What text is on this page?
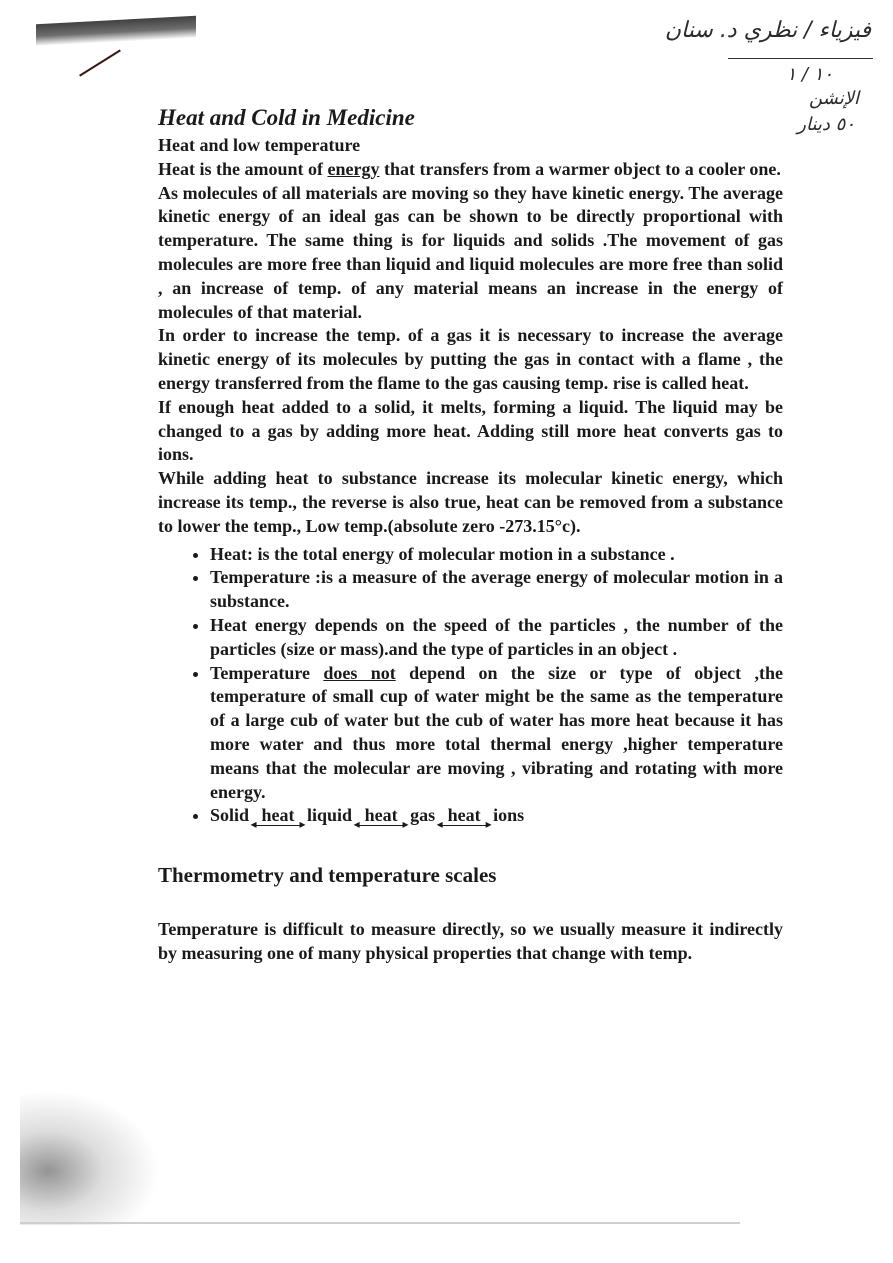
فيزياء / نظري د. سنان
١٠ / ١
الإنشن
٥٠ دينار
Heat and Cold in Medicine
Heat and low temperature

Heat is the amount of energy that transfers from a warmer object to a cooler one.

As molecules of all materials are moving so they have kinetic energy. The average kinetic energy of an ideal gas can be shown to be directly proportional with temperature. The same thing is for liquids and solids .The movement of gas molecules are more free than liquid and liquid molecules are more free than solid , an increase of temp. of any material means an increase in the energy of molecules of that material.

In order to increase the temp. of a gas it is necessary to increase the average kinetic energy of its molecules by putting the gas in contact with a flame , the energy transferred from the flame to the gas causing temp. rise is called heat.

If enough heat added to a solid, it melts, forming a liquid. The liquid may be changed to a gas by adding more heat. Adding still more heat converts gas to ions.

While adding heat to substance increase its molecular kinetic energy, which increase its temp., the reverse is also true, heat can be removed from a substance to lower the temp., Low temp.(absolute zero -273.15°c).

• Heat: is the total energy of molecular motion in a substance .
• Temperature :is a measure of the average energy of molecular motion in a substance.
• Heat energy depends on the speed of the particles , the number of the particles (size or mass).and the type of particles in an object .
• Temperature does not depend on the size or type of object ,the temperature of small cup of water might be the same as the temperature of a large cub of water but the cub of water has more heat because it has more water and thus more total thermal energy ,higher temperature means that the molecular are moving , vibrating and rotating with more energy.
• Solid ◂ heat ▸ liquid ◂ heat ▸ gas ◂ heat ▸ ions
Thermometry and temperature scales

Temperature is difficult to measure directly, so we usually measure it indirectly by measuring one of many physical properties that change with temp.
